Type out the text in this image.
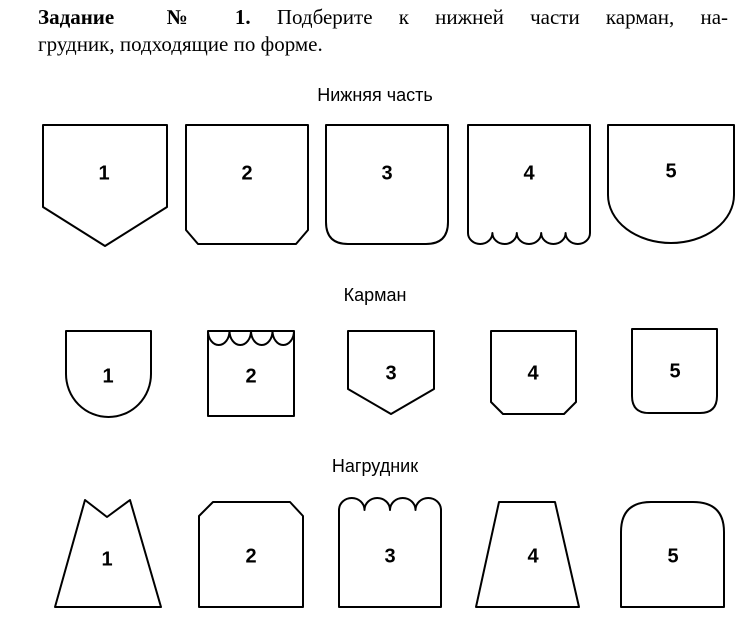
Задание № 1. Подберите к нижней части карман, на-
грудник, подходящие по форме.
Нижняя часть
Карман
Нагрудник
1	2	3	4	5
1	2	3	4	5
1	2	3	4	5
